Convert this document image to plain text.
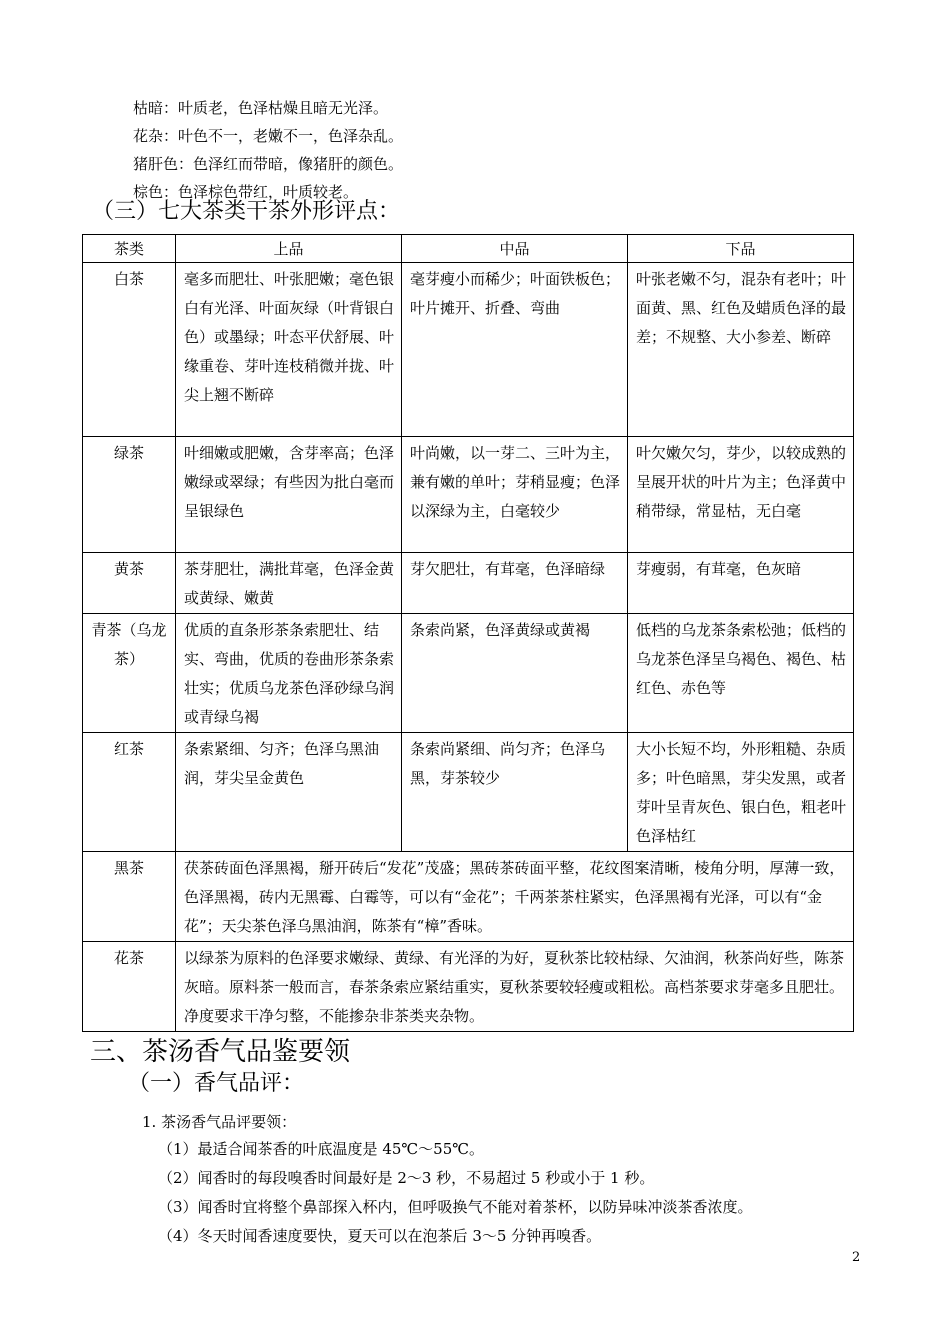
枯暗：叶质老，色泽枯燥且暗无光泽。
花杂：叶色不一，老嫩不一，色泽杂乱。
猪肝色：色泽红而带暗，像猪肝的颜色。
棕色：色泽棕色带红，叶质较老。
（三）七大茶类干茶外形评点：
茶类	上品	中品	下品
白茶	毫多而肥壮、叶张肥嫩；毫色银白有光泽、叶面灰绿（叶背银白色）或墨绿；叶态平伏舒展、叶缘重卷、芽叶连枝稍微并拢、叶尖上翘不断碎	毫芽瘦小而稀少；叶面铁板色；叶片摊开、折叠、弯曲	叶张老嫩不匀，混杂有老叶；叶面黄、黑、红色及蜡质色泽的最差；不规整、大小参差、断碎
绿茶	叶细嫩或肥嫩，含芽率高；色泽嫩绿或翠绿；有些因为批白毫而呈银绿色	叶尚嫩，以一芽二、三叶为主，兼有嫩的单叶；芽稍显瘦；色泽以深绿为主，白毫较少	叶欠嫩欠匀，芽少，以较成熟的呈展开状的叶片为主；色泽黄中稍带绿，常显枯，无白毫
黄茶	茶芽肥壮，满批茸毫，色泽金黄或黄绿、嫩黄	芽欠肥壮，有茸毫，色泽暗绿	芽瘦弱，有茸毫，色灰暗
青茶（乌龙茶）	优质的直条形茶条索肥壮、结实、弯曲，优质的卷曲形茶条索壮实；优质乌龙茶色泽砂绿乌润或青绿乌褐	条索尚紧，色泽黄绿或黄褐	低档的乌龙茶条索松弛；低档的乌龙茶色泽呈乌褐色、褐色、枯红色、赤色等
红茶	条索紧细、匀齐；色泽乌黑油润，芽尖呈金黄色	条索尚紧细、尚匀齐；色泽乌黑，芽茶较少	大小长短不均，外形粗糙、杂质多；叶色暗黑，芽尖发黑，或者芽叶呈青灰色、银白色，粗老叶色泽枯红
黑茶	茯茶砖面色泽黑褐，掰开砖后“发花”茂盛；黑砖茶砖面平整，花纹图案清晰，棱角分明，厚薄一致，色泽黑褐，砖内无黑霉、白霉等，可以有“金花”；千两茶茶柱紧实，色泽黑褐有光泽，可以有“金花”；天尖茶色泽乌黑油润，陈茶有“樟”香味。		
花茶	以绿茶为原料的色泽要求嫩绿、黄绿、有光泽的为好，夏秋茶比较枯绿、欠油润，秋茶尚好些，陈茶灰暗。原料茶一般而言，春茶条索应紧结重实，夏秋茶要较轻瘦或粗松。高档茶要求芽毫多且肥壮。净度要求干净匀整，不能掺杂非茶类夹杂物。		
三、茶汤香气品鉴要领
（一）香气品评：
1. 茶汤香气品评要领：
（1）最适合闻茶香的叶底温度是 45℃～55℃。
（2）闻香时的每段嗅香时间最好是 2～3 秒，不易超过 5 秒或小于 1 秒。
（3）闻香时宜将整个鼻部探入杯内，但呼吸换气不能对着茶杯，以防异味冲淡茶香浓度。
（4）冬天时闻香速度要快，夏天可以在泡茶后 3～5 分钟再嗅香。
2
